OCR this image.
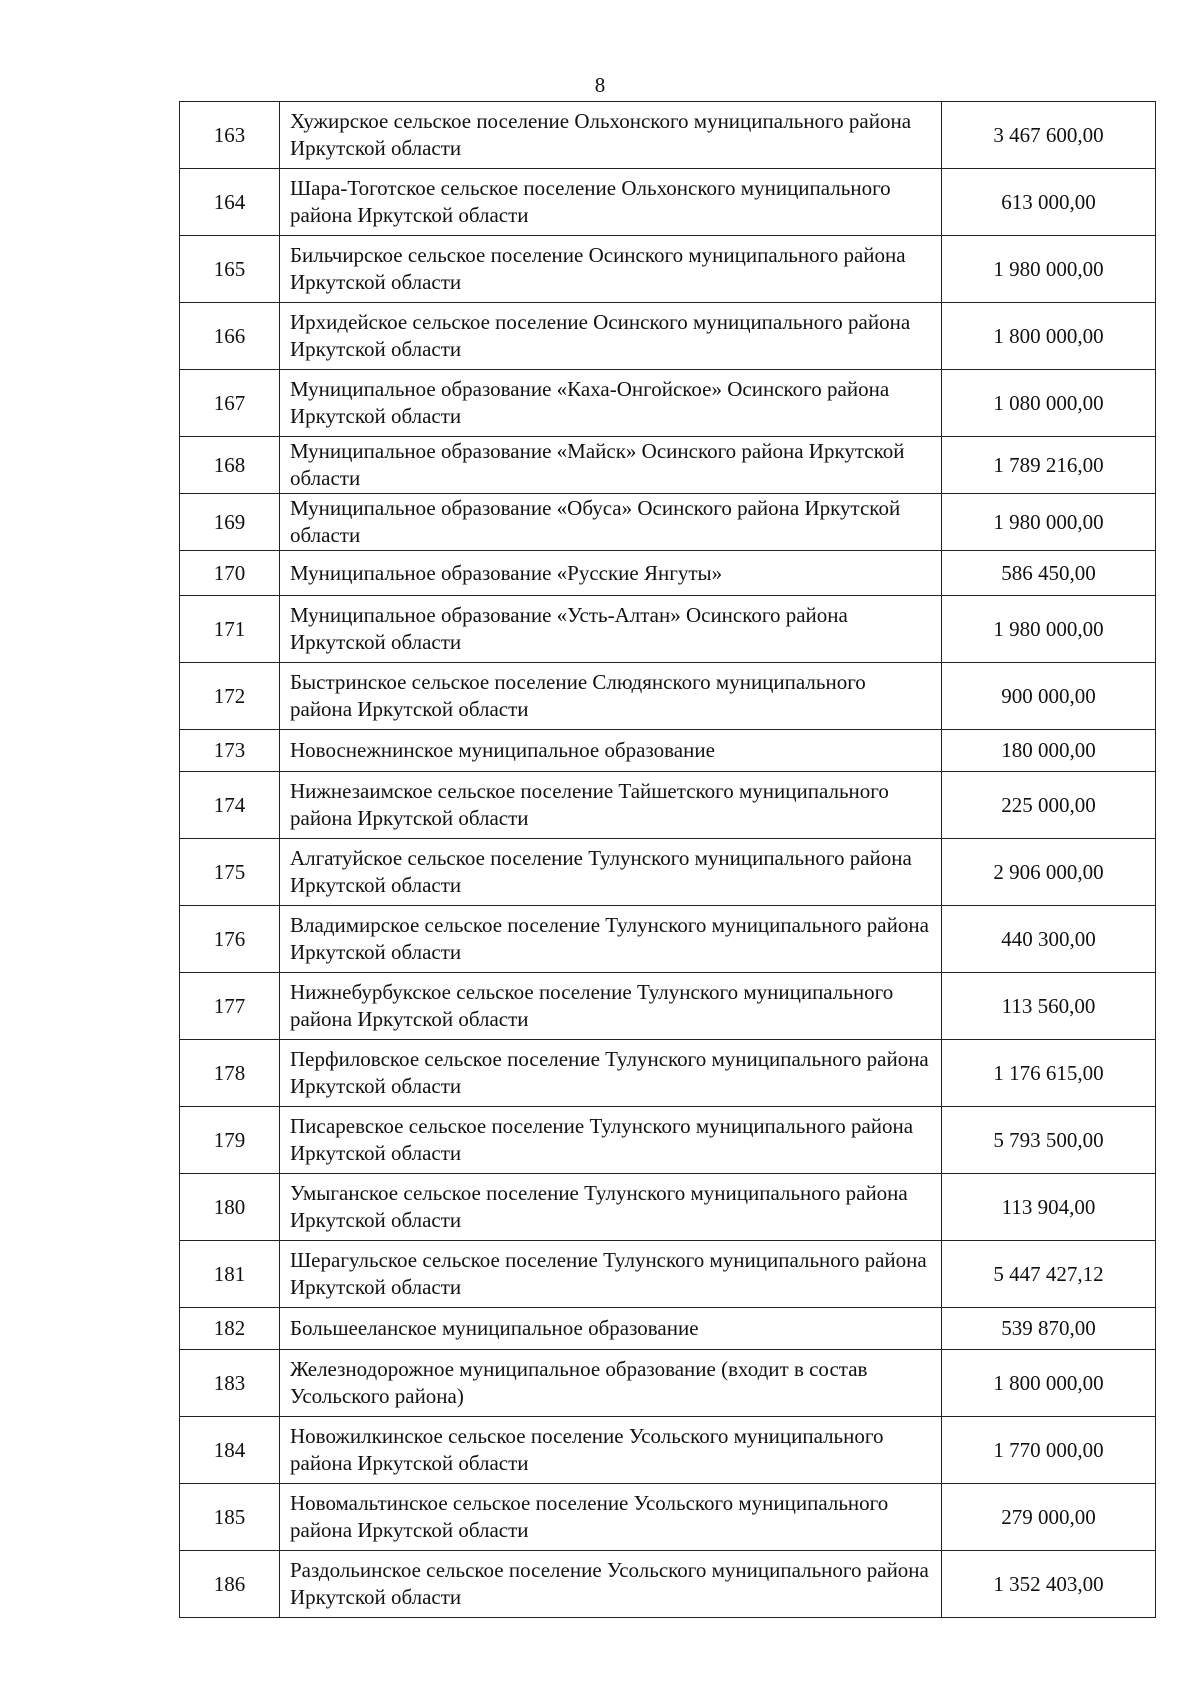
8
163	Хужирское сельское поселение Ольхонского муниципального района Иркутской области	3 467 600,00
164	Шара-Тоготское сельское поселение Ольхонского муниципального района Иркутской области	613 000,00
165	Бильчирское сельское поселение Осинского муниципального района Иркутской области	1 980 000,00
166	Ирхидейское сельское поселение Осинского муниципального района Иркутской области	1 800 000,00
167	Муниципальное образование «Каха-Онгойское» Осинского района Иркутской области	1 080 000,00
168	Муниципальное образование «Майск» Осинского района Иркутской области	1 789 216,00
169	Муниципальное образование «Обуса» Осинского района Иркутской области	1 980 000,00
170	Муниципальное образование «Русские Янгуты»	586 450,00
171	Муниципальное образование «Усть-Алтан» Осинского района Иркутской области	1 980 000,00
172	Быстринское сельское поселение Слюдянского муниципального района Иркутской области	900 000,00
173	Новоснежнинское муниципальное образование	180 000,00
174	Нижнезаимское сельское поселение Тайшетского муниципального района Иркутской области	225 000,00
175	Алгатуйское сельское поселение Тулунского муниципального района Иркутской области	2 906 000,00
176	Владимирское сельское поселение Тулунского муниципального района Иркутской области	440 300,00
177	Нижнебурбукское сельское поселение Тулунского муниципального района Иркутской области	113 560,00
178	Перфиловское сельское поселение Тулунского муниципального района Иркутской области	1 176 615,00
179	Писаревское сельское поселение Тулунского муниципального района Иркутской области	5 793 500,00
180	Умыганское сельское поселение Тулунского муниципального района Иркутской области	113 904,00
181	Шерагульское сельское поселение Тулунского муниципального района Иркутской области	5 447 427,12
182	Большееланское муниципальное образование	539 870,00
183	Железнодорожное муниципальное образование (входит в состав Усольского района)	1 800 000,00
184	Новожилкинское сельское поселение Усольского муниципального района Иркутской области	1 770 000,00
185	Новомальтинское сельское поселение Усольского муниципального района Иркутской области	279 000,00
186	Раздольинское сельское поселение Усольского муниципального района Иркутской области	1 352 403,00
